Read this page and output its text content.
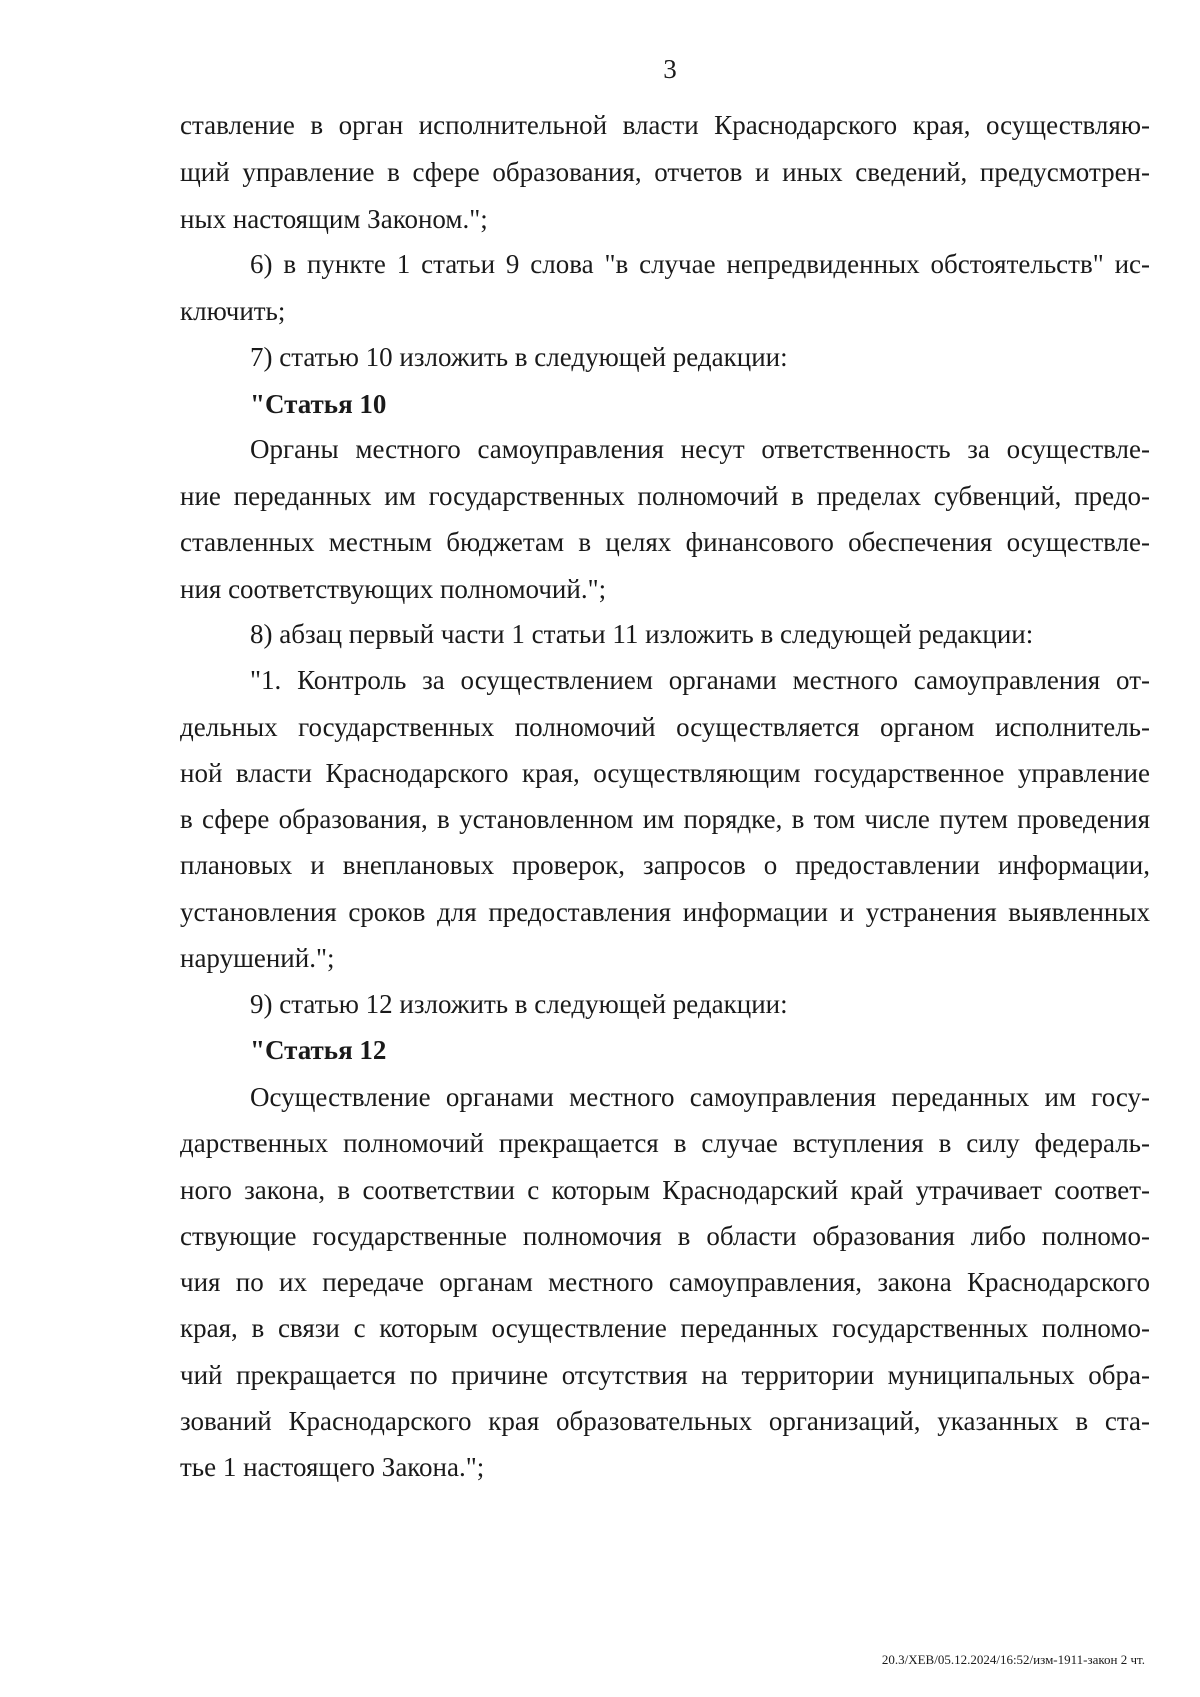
3
ставление в орган исполнительной власти Краснодарского края, осуществляю-
щий управление в сфере образования, отчетов и иных сведений, предусмотрен-
ных настоящим Законом.";
6) в пункте 1 статьи 9 слова "в случае непредвиденных обстоятельств" ис-
ключить;
7) статью 10 изложить в следующей редакции:
"Статья 10
Органы местного самоуправления несут ответственность за осуществле-
ние переданных им государственных полномочий в пределах субвенций, предо-
ставленных местным бюджетам в целях финансового обеспечения осуществле-
ния соответствующих полномочий.";
8) абзац первый части 1 статьи 11 изложить в следующей редакции:
"1. Контроль за осуществлением органами местного самоуправления от-
дельных государственных полномочий осуществляется органом исполнитель-
ной власти Краснодарского края, осуществляющим государственное управление
в сфере образования, в установленном им порядке, в том числе путем проведения
плановых и внеплановых проверок, запросов о предоставлении информации,
установления сроков для предоставления информации и устранения выявленных
нарушений.";
9) статью 12 изложить в следующей редакции:
"Статья 12
Осуществление органами местного самоуправления переданных им госу-
дарственных полномочий прекращается в случае вступления в силу федераль-
ного закона, в соответствии с которым Краснодарский край утрачивает соответ-
ствующие государственные полномочия в области образования либо полномо-
чия по их передаче органам местного самоуправления, закона Краснодарского
края, в связи с которым осуществление переданных государственных полномо-
чий прекращается по причине отсутствия на территории муниципальных обра-
зований Краснодарского края образовательных организаций, указанных в ста-
тье 1 настоящего Закона.";
20.3/ХЕВ/05.12.2024/16:52/изм-1911-закон 2 чт.
